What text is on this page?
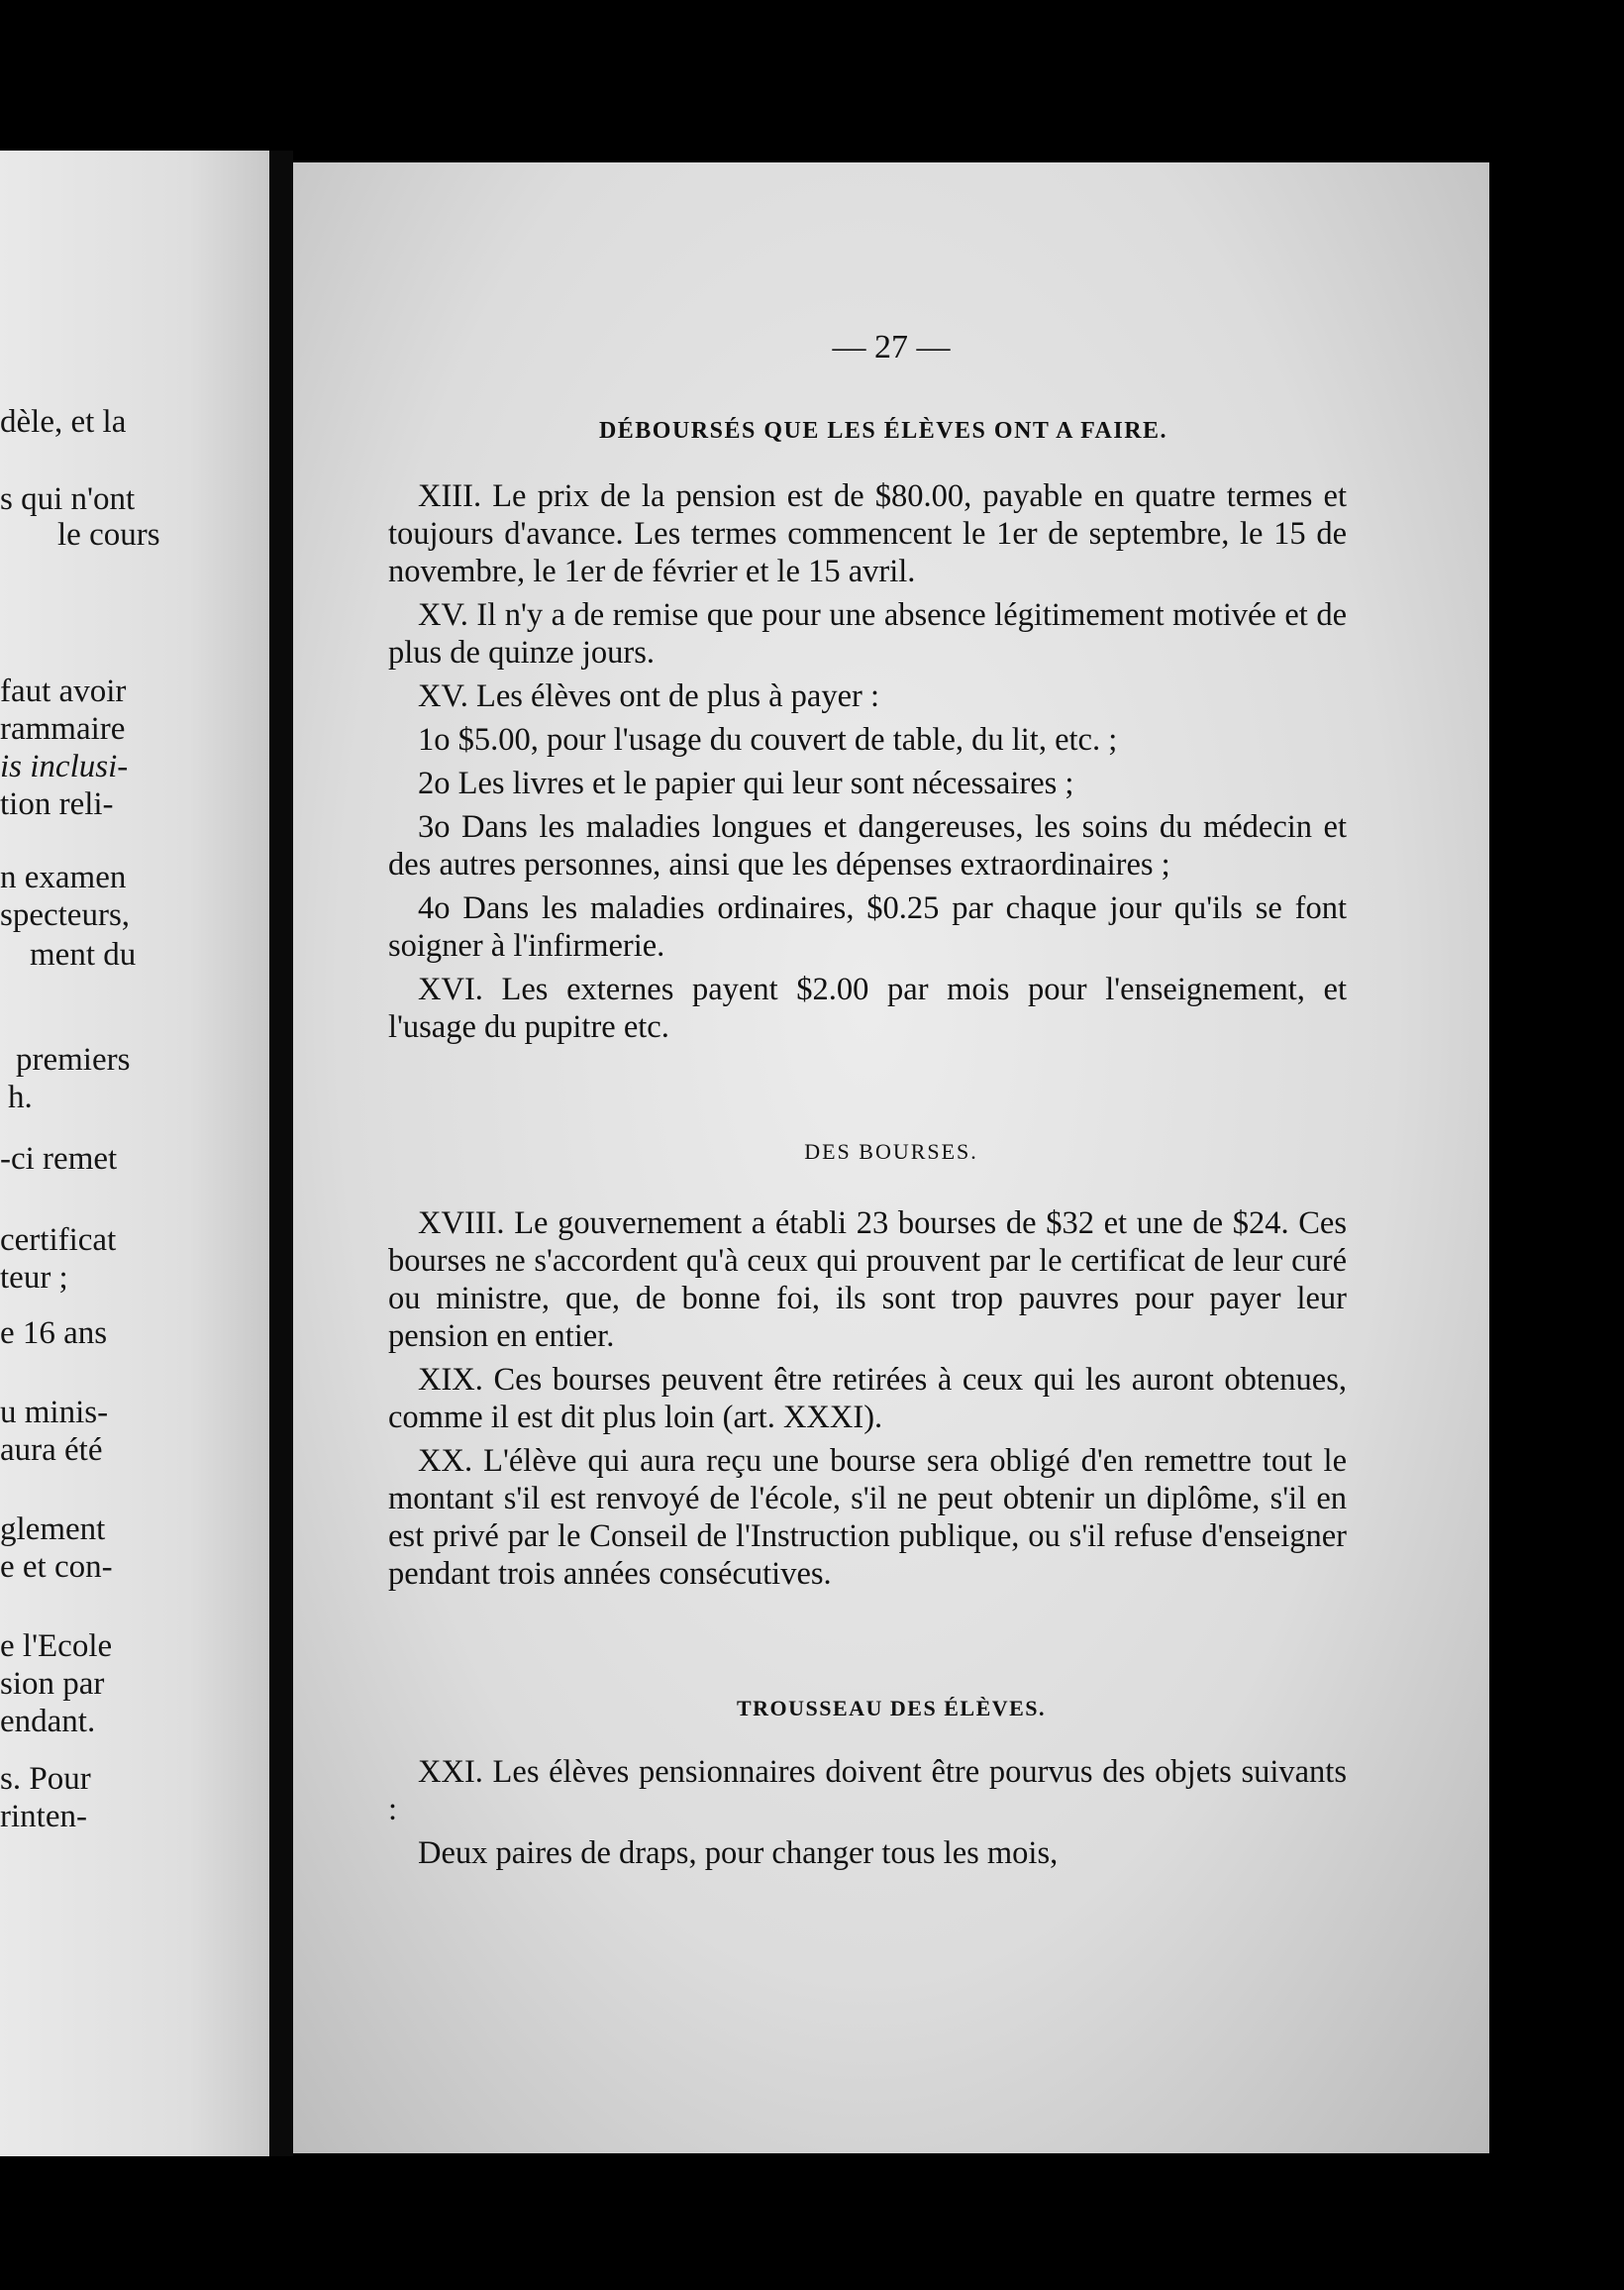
dèle, et la
s qui n'ont
le cours
faut avoir
rammaire
is inclusi-
tion reli-
n examen
specteurs,
ment du
premiers
h.
-ci remet
certificat
teur ;
e 16 ans
u minis-
aura été
glement
e et con-
e l'Ecole
sion par
endant.
s. Pour
rinten-
— 27 —
DÉBOURSÉS QUE LES ÉLÈVES ONT A FAIRE.

XIII. Le prix de la pension est de $80.00, payable en quatre termes et toujours d'avance. Les termes commencent le 1er de septembre, le 15 de novembre, le 1er de février et le 15 avril.

XV. Il n'y a de remise que pour une absence légitimement motivée et de plus de quinze jours.

XV. Les élèves ont de plus à payer :

1o $5.00, pour l'usage du couvert de table, du lit, etc. ;

2o Les livres et le papier qui leur sont nécessaires ;

3o Dans les maladies longues et dangereuses, les soins du médecin et des autres personnes, ainsi que les dépenses extraordinaires ;

4o Dans les maladies ordinaires, $0.25 par chaque jour qu'ils se font soigner à l'infirmerie.

XVI. Les externes payent $2.00 par mois pour l'enseignement, et l'usage du pupitre etc.

DES BOURSES.

XVIII. Le gouvernement a établi 23 bourses de $32 et une de $24. Ces bourses ne s'accordent qu'à ceux qui prouvent par le certificat de leur curé ou ministre, que, de bonne foi, ils sont trop pauvres pour payer leur pension en entier.

XIX. Ces bourses peuvent être retirées à ceux qui les auront obtenues, comme il est dit plus loin (art. XXXI).

XX. L'élève qui aura reçu une bourse sera obligé d'en remettre tout le montant s'il est renvoyé de l'école, s'il ne peut obtenir un diplôme, s'il en est privé par le Conseil de l'Instruction publique, ou s'il refuse d'enseigner pendant trois années consécutives.

TROUSSEAU DES ÉLÈVES.

XXI. Les élèves pensionnaires doivent être pourvus des objets suivants :

Deux paires de draps, pour changer tous les mois,
